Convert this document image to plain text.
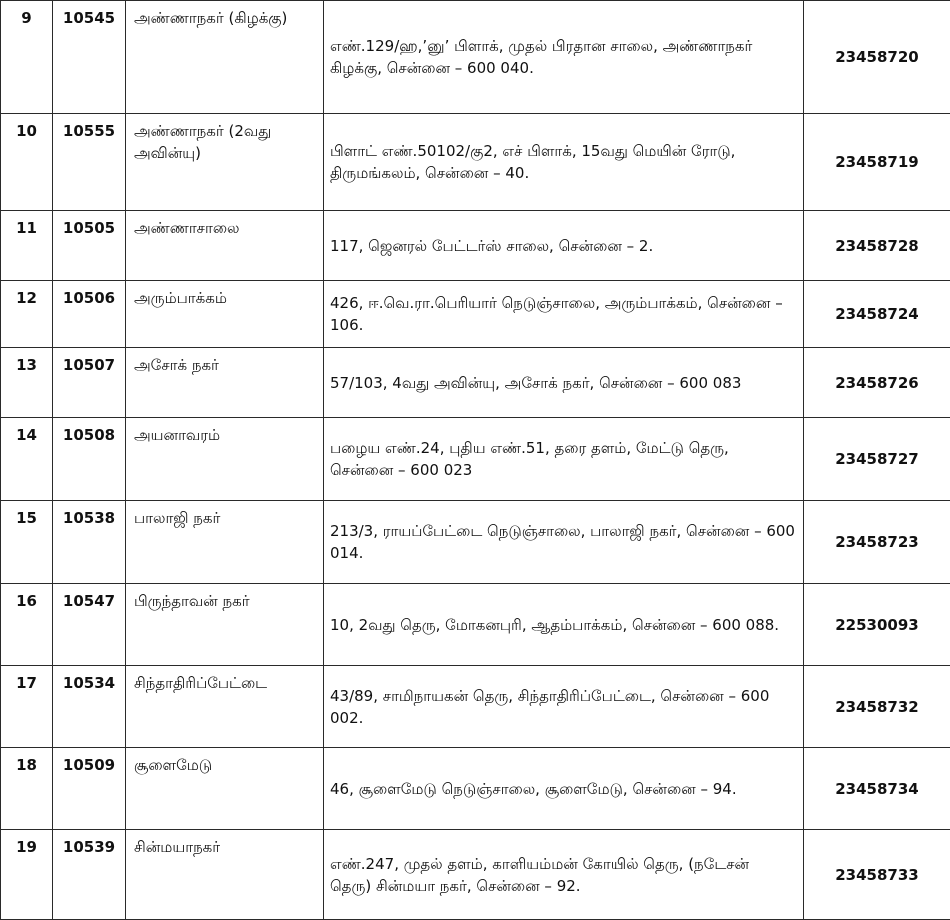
9	10545	அண்ணாநகர் (கிழக்கு)	எண்.129/ஹ,’னு’ பிளாக், முதல் பிரதான சாலை, அண்ணாநகர் கிழக்கு, சென்னை – 600 040.	23458720
10	10555	அண்ணாநகர் (2வது அவின்யு)	பிளாட் எண்.50102/கு2, எச் பிளாக், 15வது மெயின் ரோடு, திருமங்கலம், சென்னை – 40.	23458719
11	10505	அண்ணாசாலை	117, ஜெனரல் பேட்டர்ஸ் சாலை, சென்னை – 2.	23458728
12	10506	அரும்பாக்கம்	426, ஈ.வெ.ரா.பெரியார் நெடுஞ்சாலை, அரும்பாக்கம், சென்னை – 106.	23458724
13	10507	அசோக் நகர்	57/103, 4வது அவின்யு, அசோக் நகர், சென்னை – 600 083	23458726
14	10508	அயனாவரம்	பழைய எண்.24, புதிய எண்.51, தரை தளம், மேட்டு தெரு, சென்னை – 600 023	23458727
15	10538	பாலாஜி நகர்	213/3, ராயப்பேட்டை நெடுஞ்சாலை, பாலாஜி நகர், சென்னை – 600 014.	23458723
16	10547	பிருந்தாவன் நகர்	10, 2வது தெரு, மோகனபுரி, ஆதம்பாக்கம், சென்னை – 600 088.	22530093
17	10534	சிந்தாதிரிப்பேட்டை	43/89, சாமிநாயகன் தெரு, சிந்தாதிரிப்பேட்டை, சென்னை – 600 002.	23458732
18	10509	சூளைமேடு	46, சூளைமேடு நெடுஞ்சாலை, சூளைமேடு, சென்னை – 94.	23458734
19	10539	சின்மயாநகர்	எண்.247, முதல் தளம், காளியம்மன் கோயில் தெரு, (நடேசன் தெரு) சின்மயா நகர், சென்னை – 92.	23458733
